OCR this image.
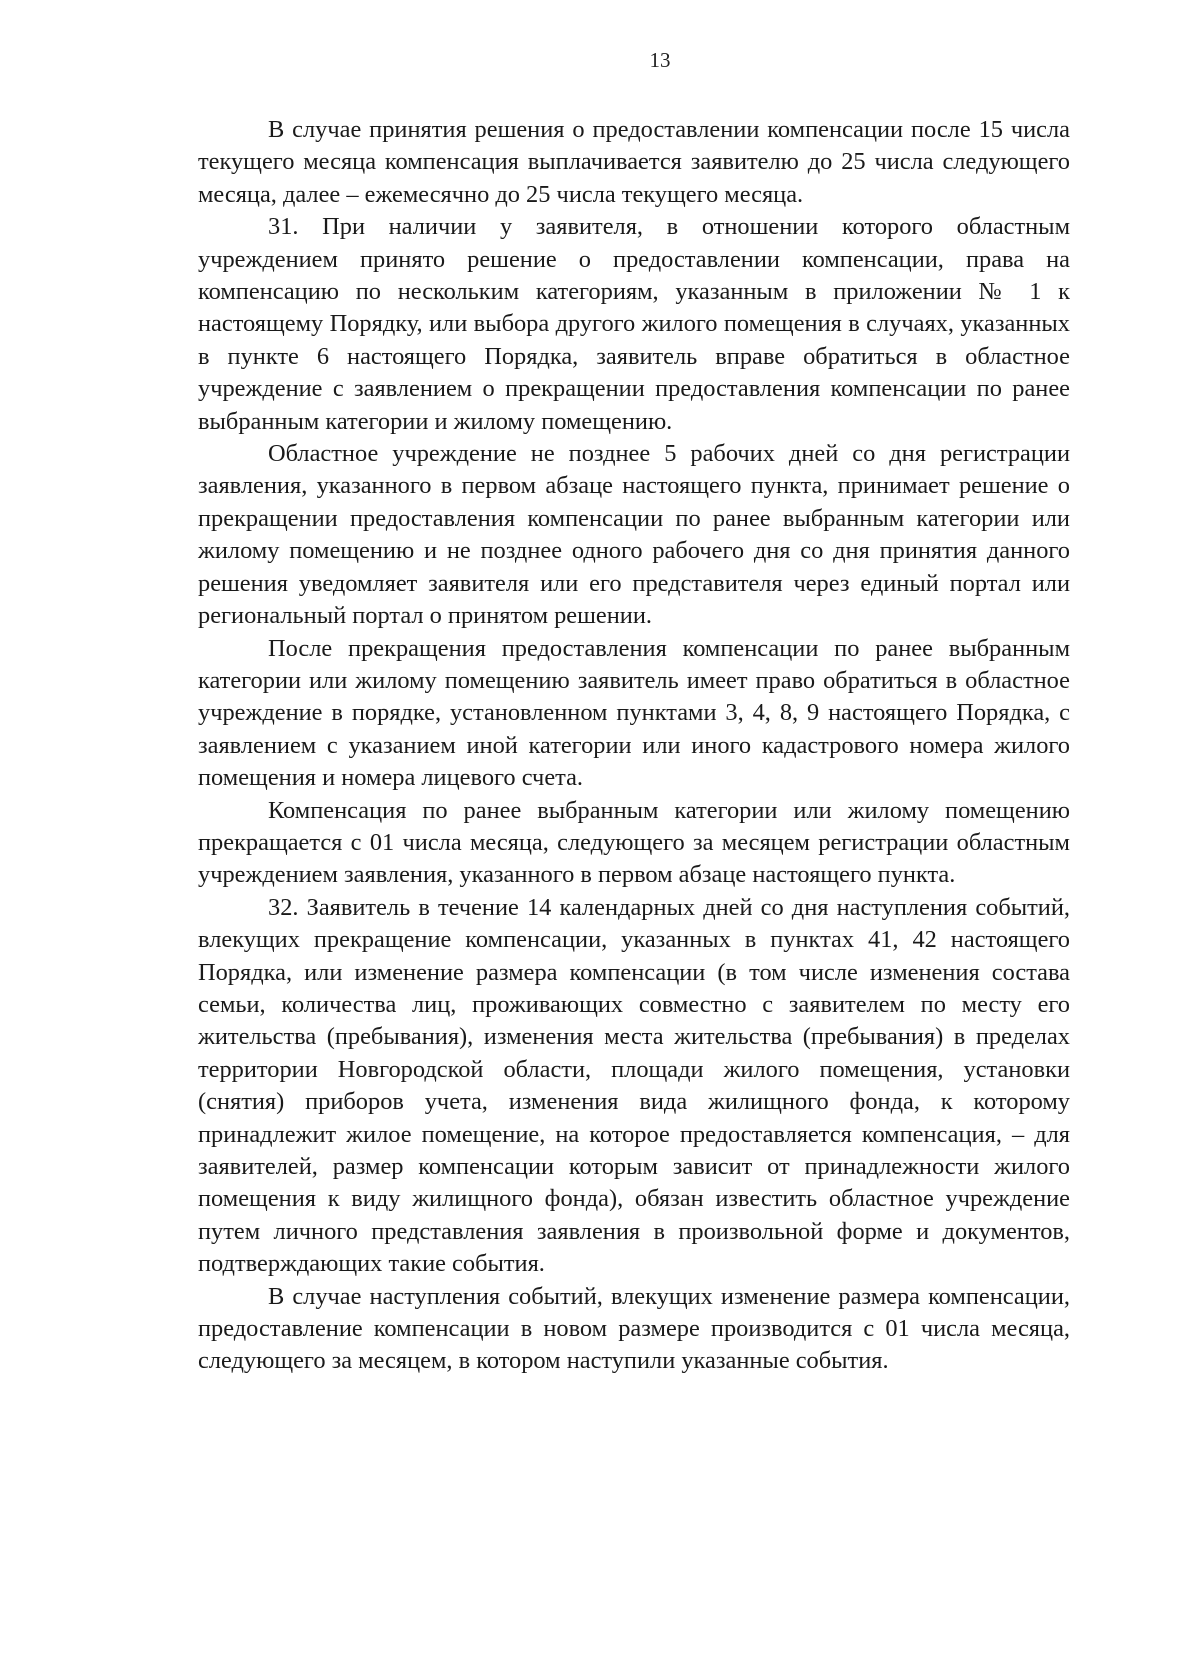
13

В случае принятия решения о предоставлении компенсации после 15 числа текущего месяца компенсация выплачивается заявителю до 25 числа следующего месяца, далее – ежемесячно до 25 числа текущего месяца.

31. При наличии у заявителя, в отношении которого областным учреждением принято решение о предоставлении компенсации, права на компенсацию по нескольким категориям, указанным в приложении № 1 к настоящему Порядку, или выбора другого жилого помещения в случаях, указанных в пункте 6 настоящего Порядка, заявитель вправе обратиться в областное учреждение с заявлением о прекращении предоставления компенсации по ранее выбранным категории и жилому помещению.

Областное учреждение не позднее 5 рабочих дней со дня регистрации заявления, указанного в первом абзаце настоящего пункта, принимает решение о прекращении предоставления компенсации по ранее выбранным категории или жилому помещению и не позднее одного рабочего дня со дня принятия данного решения уведомляет заявителя или его представителя через единый портал или региональный портал о принятом решении.

После прекращения предоставления компенсации по ранее выбранным категории или жилому помещению заявитель имеет право обратиться в областное учреждение в порядке, установленном пунктами 3, 4, 8, 9 настоящего Порядка, с заявлением с указанием иной категории или иного кадастрового номера жилого помещения и номера лицевого счета.

Компенсация по ранее выбранным категории или жилому помещению прекращается с 01 числа месяца, следующего за месяцем регистрации областным учреждением заявления, указанного в первом абзаце настоящего пункта.

32. Заявитель в течение 14 календарных дней со дня наступления событий, влекущих прекращение компенсации, указанных в пунктах 41, 42 настоящего Порядка, или изменение размера компенсации (в том числе изменения состава семьи, количества лиц, проживающих совместно с заявителем по месту его жительства (пребывания), изменения места жительства (пребывания) в пределах территории Новгородской области, площади жилого помещения, установки (снятия) приборов учета, изменения вида жилищного фонда, к которому принадлежит жилое помещение, на которое предоставляется компенсация, – для заявителей, размер компенсации которым зависит от принадлежности жилого помещения к виду жилищного фонда), обязан известить областное учреждение путем личного представления заявления в произвольной форме и документов, подтверждающих такие события.

В случае наступления событий, влекущих изменение размера компенсации, предоставление компенсации в новом размере производится с 01 числа месяца, следующего за месяцем, в котором наступили указанные события.
